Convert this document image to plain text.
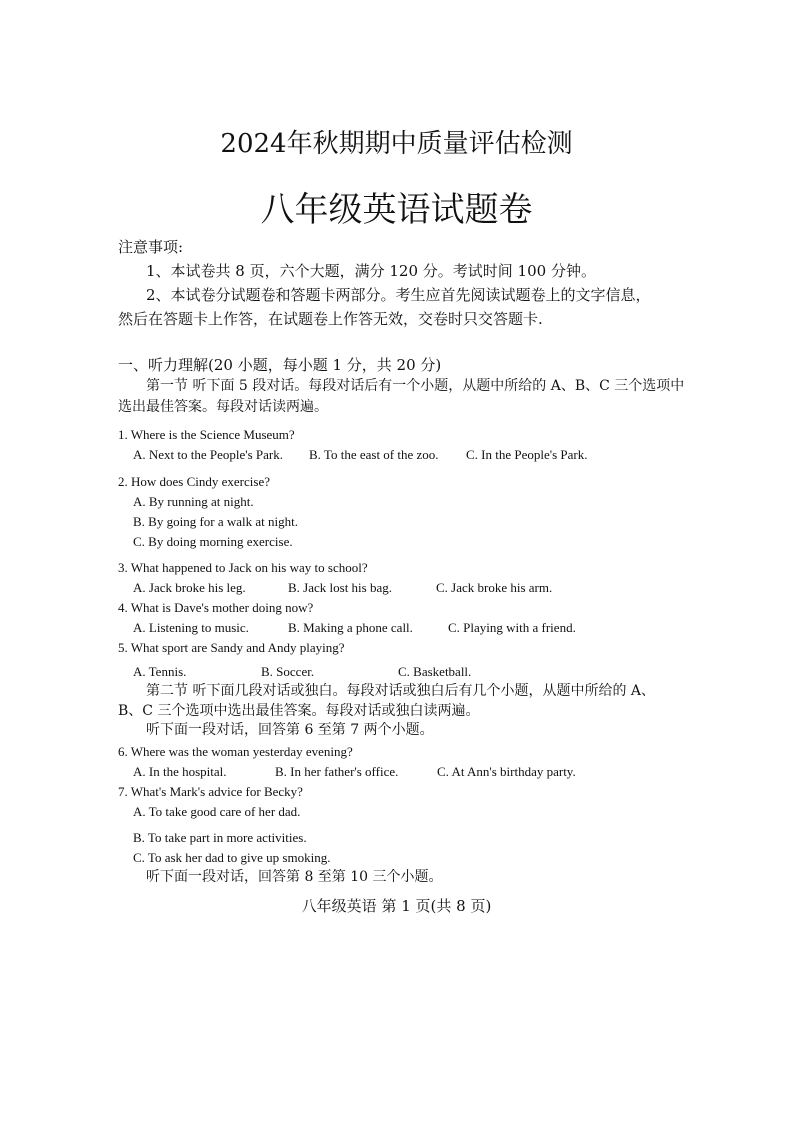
2024年秋期期中质量评估检测
八年级英语试题卷
注意事项:
1、本试卷共 8 页，六个大题，满分 120 分。考试时间 100 分钟。
2、本试卷分试题卷和答题卡两部分。考生应首先阅读试题卷上的文字信息，
然后在答题卡上作答，在试题卷上作答无效，交卷时只交答题卡.
一、听力理解(20 小题，每小题 1 分，共 20 分)
第一节 听下面 5 段对话。每段对话后有一个小题，从题中所给的 A、B、C 三个选项中
选出最佳答案。每段对话读两遍。
1. Where is the Science Museum?
A. Next to the People's Park. B. To the east of the zoo. C. In the People's Park.
2. How does Cindy exercise?
A. By running at night.
B. By going for a walk at night.
C. By doing morning exercise.
3. What happened to Jack on his way to school?
A. Jack broke his leg.	B. Jack lost his bag.	C. Jack broke his arm.
4. What is Dave's mother doing now?
A. Listening to music.	B. Making a phone call.	C. Playing with a friend.
5. What sport are Sandy and Andy playing?
A. Tennis.	B. Soccer.	C. Basketball.
第二节 听下面几段对话或独白。每段对话或独白后有几个小题，从题中所给的 A、
B、C 三个选项中选出最佳答案。每段对话或独白读两遍。
听下面一段对话，回答第 6 至第 7 两个小题。
6. Where was the woman yesterday evening?
A. In the hospital.	B. In her father's office.	C. At Ann's birthday party.
7. What's Mark's advice for Becky?
A. To take good care of her dad.
B. To take part in more activities.
C. To ask her dad to give up smoking.
听下面一段对话，回答第 8 至第 10 三个小题。
八年级英语 第 1 页(共 8 页)
